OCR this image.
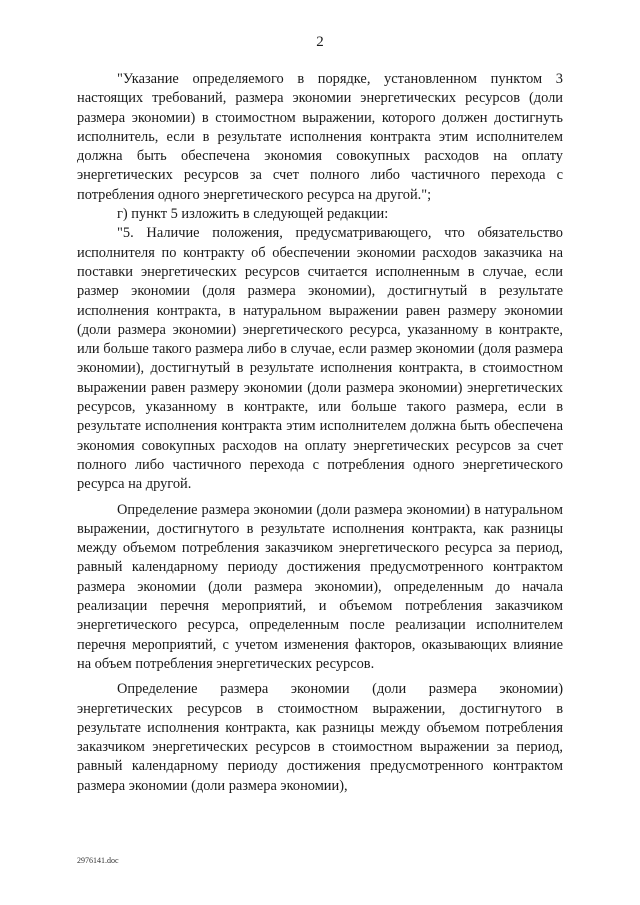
2

"Указание определяемого в порядке, установленном пунктом 3 настоящих требований, размера экономии энергетических ресурсов (доли размера экономии) в стоимостном выражении, которого должен достигнуть исполнитель, если в результате исполнения контракта этим исполнителем должна быть обеспечена экономия совокупных расходов на оплату энергетических ресурсов за счет полного либо частичного перехода с потребления одного энергетического ресурса на другой.";

г) пункт 5 изложить в следующей редакции:

"5. Наличие положения, предусматривающего, что обязательство исполнителя по контракту об обеспечении экономии расходов заказчика на поставки энергетических ресурсов считается исполненным в случае, если размер экономии (доля размера экономии), достигнутый в результате исполнения контракта, в натуральном выражении равен размеру экономии (доли размера экономии) энергетического ресурса, указанному в контракте, или больше такого размера либо в случае, если размер экономии (доля размера экономии), достигнутый в результате исполнения контракта, в стоимостном выражении равен размеру экономии (доли размера экономии) энергетических ресурсов, указанному в контракте, или больше такого размера, если в результате исполнения контракта этим исполнителем должна быть обеспечена экономия совокупных расходов на оплату энергетических ресурсов за счет полного либо частичного перехода с потребления одного энергетического ресурса на другой.

Определение размера экономии (доли размера экономии) в натуральном выражении, достигнутого в результате исполнения контракта, как разницы между объемом потребления заказчиком энергетического ресурса за период, равный календарному периоду достижения предусмотренного контрактом размера экономии (доли размера экономии), определенным до начала реализации перечня мероприятий, и объемом потребления заказчиком энергетического ресурса, определенным после реализации исполнителем перечня мероприятий, с учетом изменения факторов, оказывающих влияние на объем потребления энергетических ресурсов.

Определение размера экономии (доли размера экономии) энергетических ресурсов в стоимостном выражении, достигнутого в результате исполнения контракта, как разницы между объемом потребления заказчиком энергетических ресурсов в стоимостном выражении за период, равный календарному периоду достижения предусмотренного контрактом размера экономии (доли размера экономии),

2976141.doc
